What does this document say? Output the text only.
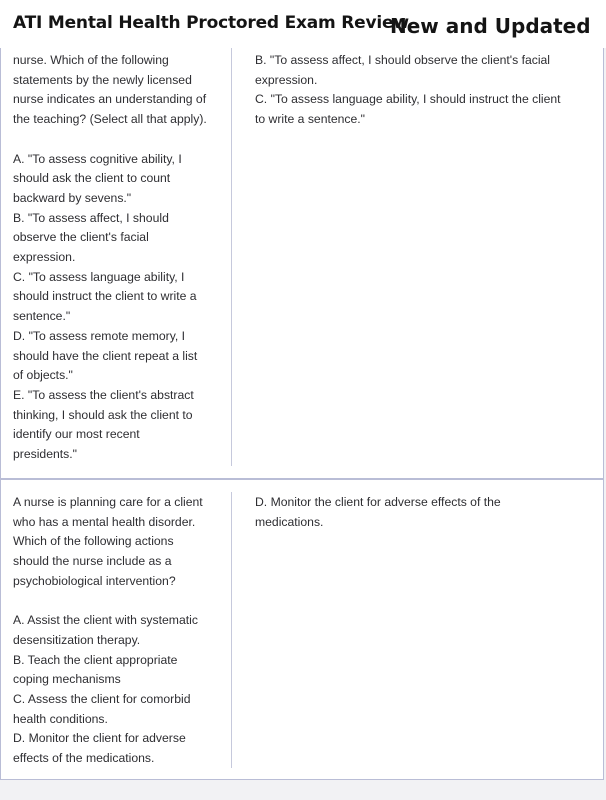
nurse. Which of the following
statements by the newly licensed
nurse indicates an understanding of
the teaching? (Select all that apply).

A. "To assess cognitive ability, I
should ask the client to count
backward by sevens."
B. "To assess affect, I should
observe the client's facial
expression.
C. "To assess language ability, I
should instruct the client to write a
sentence."
D. "To assess remote memory, I
should have the client repeat a list
of objects."
E. "To assess the client's abstract
thinking, I should ask the client to
identify our most recent
presidents."
B. "To assess affect, I should observe the client's facial
expression.
C. "To assess language ability, I should instruct the client
to write a sentence."
A nurse is planning care for a client
who has a mental health disorder.
Which of the following actions
should the nurse include as a
psychobiological intervention?

A. Assist the client with systematic
desensitization therapy.
B. Teach the client appropriate
coping mechanisms
C. Assess the client for comorbid
health conditions.
D. Monitor the client for adverse
effects of the medications.
D. Monitor the client for adverse effects of the
medications.
ATI Mental Health Proctored Exam Review
New and Updated
